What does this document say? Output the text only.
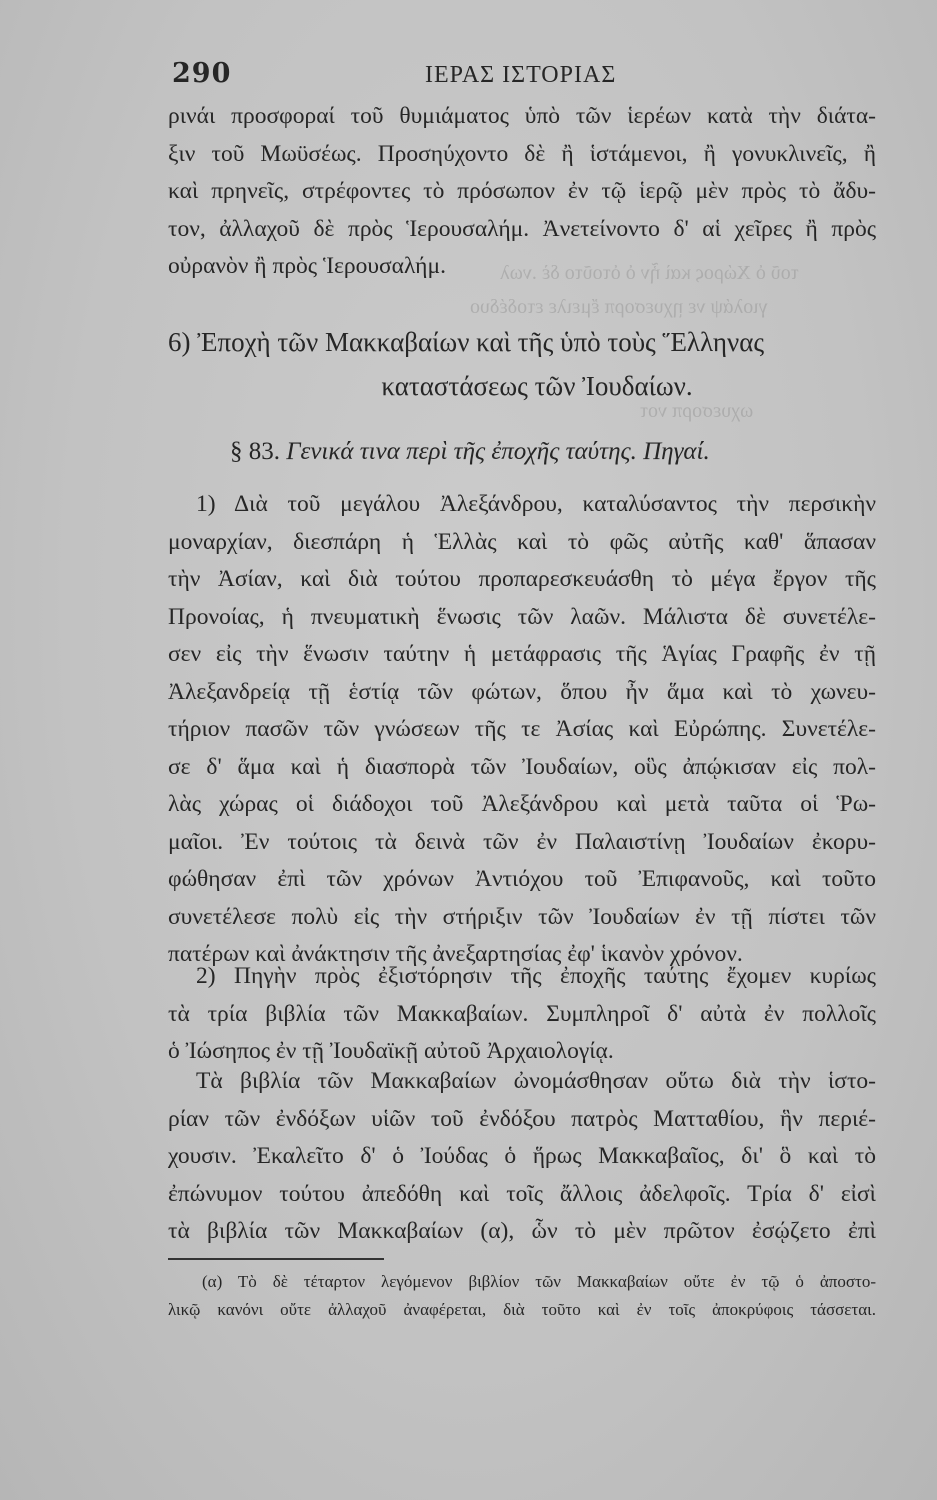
τοῦ ὁ Χώρος καὶ ἦν ὁ ὁτοῦτο δὲ .νωλ
γιολάψ νε ῃχυεσορπ ἔμειλε ετοδέδυο
ωχυεσορπ νοτ
290	ΙΕΡΑΣ ΙΣΤΟΡΙΑΣ
ρινάι προσφοραί τοῦ θυμιάματος ὑπὸ τῶν ἱερέων κατὰ τὴν διάτα-
ξιν τοῦ Μωϋσέως. Προσηύχοντο δὲ ἢ ἱστάμενοι, ἢ γονυκλινεῖς, ἢ
καὶ πρηνεῖς, στρέφοντες τὸ πρόσωπον ἐν τῷ ἱερῷ μὲν πρὸς τὸ ἄδυ-
τον, ἀλλαχοῦ δὲ πρὸς Ἱερουσαλήμ. Ἀνετείνοντο δ' αἱ χεῖρες ἢ πρὸς
οὐρανὸν ἢ πρὸς Ἱερουσαλήμ.
6) Ἐποχὴ τῶν Μακκαβαίων καὶ τῆς ὑπὸ τοὺς Ἕλληνας
καταστάσεως τῶν Ἰουδαίων.
§ 83. Γενικά τινα περὶ τῆς ἐποχῆς ταύτης. Πηγαί.
1) Διὰ τοῦ μεγάλου Ἀλεξάνδρου, καταλύσαντος τὴν περσικὴν
μοναρχίαν, διεσπάρη ἡ Ἑλλὰς καὶ τὸ φῶς αὐτῆς καθ' ἅπασαν
τὴν Ἀσίαν, καὶ διὰ τούτου προπαρεσκευάσθη τὸ μέγα ἔργον τῆς
Προνοίας, ἡ πνευματικὴ ἕνωσις τῶν λαῶν. Μάλιστα δὲ συνετέλε-
σεν εἰς τὴν ἕνωσιν ταύτην ἡ μετάφρασις τῆς Ἁγίας Γραφῆς ἐν τῇ
Ἀλεξανδρείᾳ τῇ ἑστίᾳ τῶν φώτων, ὅπου ἦν ἅμα καὶ τὸ χωνευ-
τήριον πασῶν τῶν γνώσεων τῆς τε Ἀσίας καὶ Εὐρώπης. Συνετέλε-
σε δ' ἅμα καὶ ἡ διασπορὰ τῶν Ἰουδαίων, οὓς ἀπῴκισαν εἰς πολ-
λὰς χώρας οἱ διάδοχοι τοῦ Ἀλεξάνδρου καὶ μετὰ ταῦτα οἱ Ῥω-
μαῖοι. Ἐν τούτοις τὰ δεινὰ τῶν ἐν Παλαιστίνῃ Ἰουδαίων ἐκορυ-
φώθησαν ἐπὶ τῶν χρόνων Ἀντιόχου τοῦ Ἐπιφανοῦς, καὶ τοῦτο
συνετέλεσε πολὺ εἰς τὴν στήριξιν τῶν Ἰουδαίων ἐν τῇ πίστει τῶν
πατέρων καὶ ἀνάκτησιν τῆς ἀνεξαρτησίας ἐφ' ἱκανὸν χρόνον.
2) Πηγὴν πρὸς ἐξιστόρησιν τῆς ἐποχῆς ταύτης ἔχομεν κυρίως
τὰ τρία βιβλία τῶν Μακκαβαίων. Συμπληροῖ δ' αὐτὰ ἐν πολλοῖς
ὁ Ἰώσηπος ἐν τῇ Ἰουδαϊκῇ αὐτοῦ Ἀρχαιολογίᾳ.
Τὰ βιβλία τῶν Μακκαβαίων ὠνομάσθησαν οὕτω διὰ τὴν ἱστο-
ρίαν τῶν ἐνδόξων υἱῶν τοῦ ἐνδόξου πατρὸς Ματταθίου, ἣν περιέ-
χουσιν. Ἐκαλεῖτο δ' ὁ Ἰούδας ὁ ἥρως Μακκαβαῖος, δι' ὃ καὶ τὸ
ἐπώνυμον τούτου ἀπεδόθη καὶ τοῖς ἄλλοις ἀδελφοῖς. Τρία δ' εἰσὶ
τὰ βιβλία τῶν Μακκαβαίων (α), ὧν τὸ μὲν πρῶτον ἐσῴζετο ἐπὶ
(α) Τὸ δὲ τέταρτον λεγόμενον βιβλίον τῶν Μακκαβαίων οὔτε ἐν τῷ ὁ ἀποστο-
λικῷ κανόνι οὔτε ἀλλαχοῦ ἀναφέρεται, διὰ τοῦτο καὶ ἐν τοῖς ἀποκρύφοις τάσσεται.
